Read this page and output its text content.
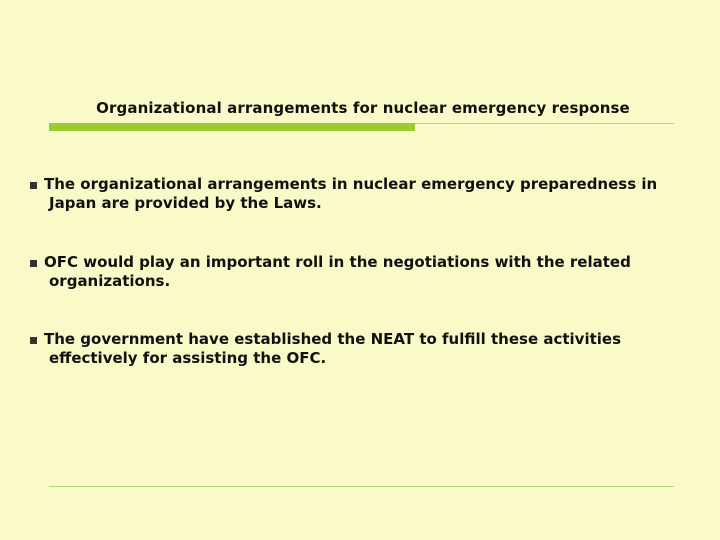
Organizational arrangements for nuclear emergency response
The organizational arrangements in nuclear emergency preparedness in
Japan are provided by the Laws.
OFC would play an important roll in the negotiations with the related
organizations.
The government have established the NEAT to fulfill these activities
effectively for assisting the OFC.
